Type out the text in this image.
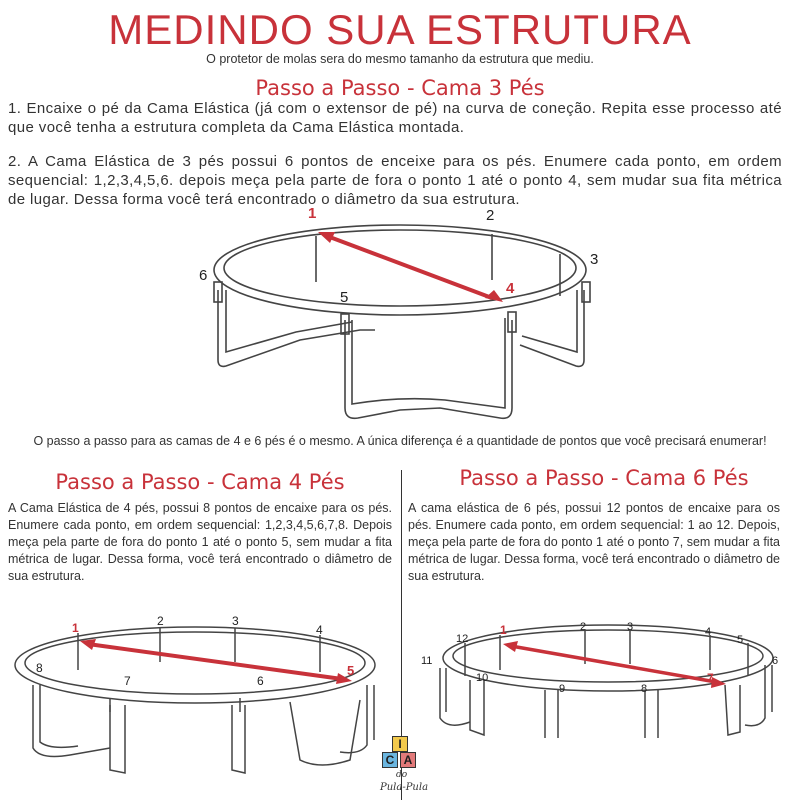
MEDINDO SUA ESTRUTURA
O protetor de molas sera do mesmo tamanho da estrutura que mediu.
Passo a Passo - Cama 3 Pés
1. Encaixe o pé da Cama Elástica (já com o extensor de pé) na curva de coneção. Repita esse processo até que você tenha a estrutura completa da Cama Elástica montada.
2. A Cama Elástica de 3 pés possui 6 pontos de enceixe para os pés. Enumere cada ponto, em ordem sequencial: 1,2,3,4,5,6. depois meça pela parte de fora o ponto 1 até o ponto 4, sem mudar sua fita métrica de lugar. Dessa forma você terá encontrado o diâmetro da sua estrutura.
1	2
3
4
5
6
O passo a passo para as camas de 4 e 6 pés é o mesmo. A única diferença é a quantidade de pontos que você precisará enumerar!
Passo a Passo - Cama 4 Pés
A Cama Elástica de 4 pés, possui 8 pontos de encaixe para os pés. Enumere cada ponto, em ordem sequencial: 1,2,3,4,5,6,7,8. Depois meça pela parte de fora do ponto 1 até o ponto 5, sem mudar a fita métrica de lugar. Dessa forma, você terá encontrado o diâmetro de sua estrutura.
1	2	3
4
5
6
7
8
Passo a Passo - Cama 6 Pés
A cama elástica de 6 pés, possui 12 pontos de encaixe para os pés. Enumere cada ponto, em ordem sequencial: 1 ao 12. Depois, meça pela parte de fora do ponto 1 até o ponto 7, sem mudar a fita métrica de lugar. Dessa forma, você terá encontrado o diâmetro de sua estrutura.
1	2	3	4
5
6
7
8
9
10
11
12
I
C A
do
Pula-Pula
